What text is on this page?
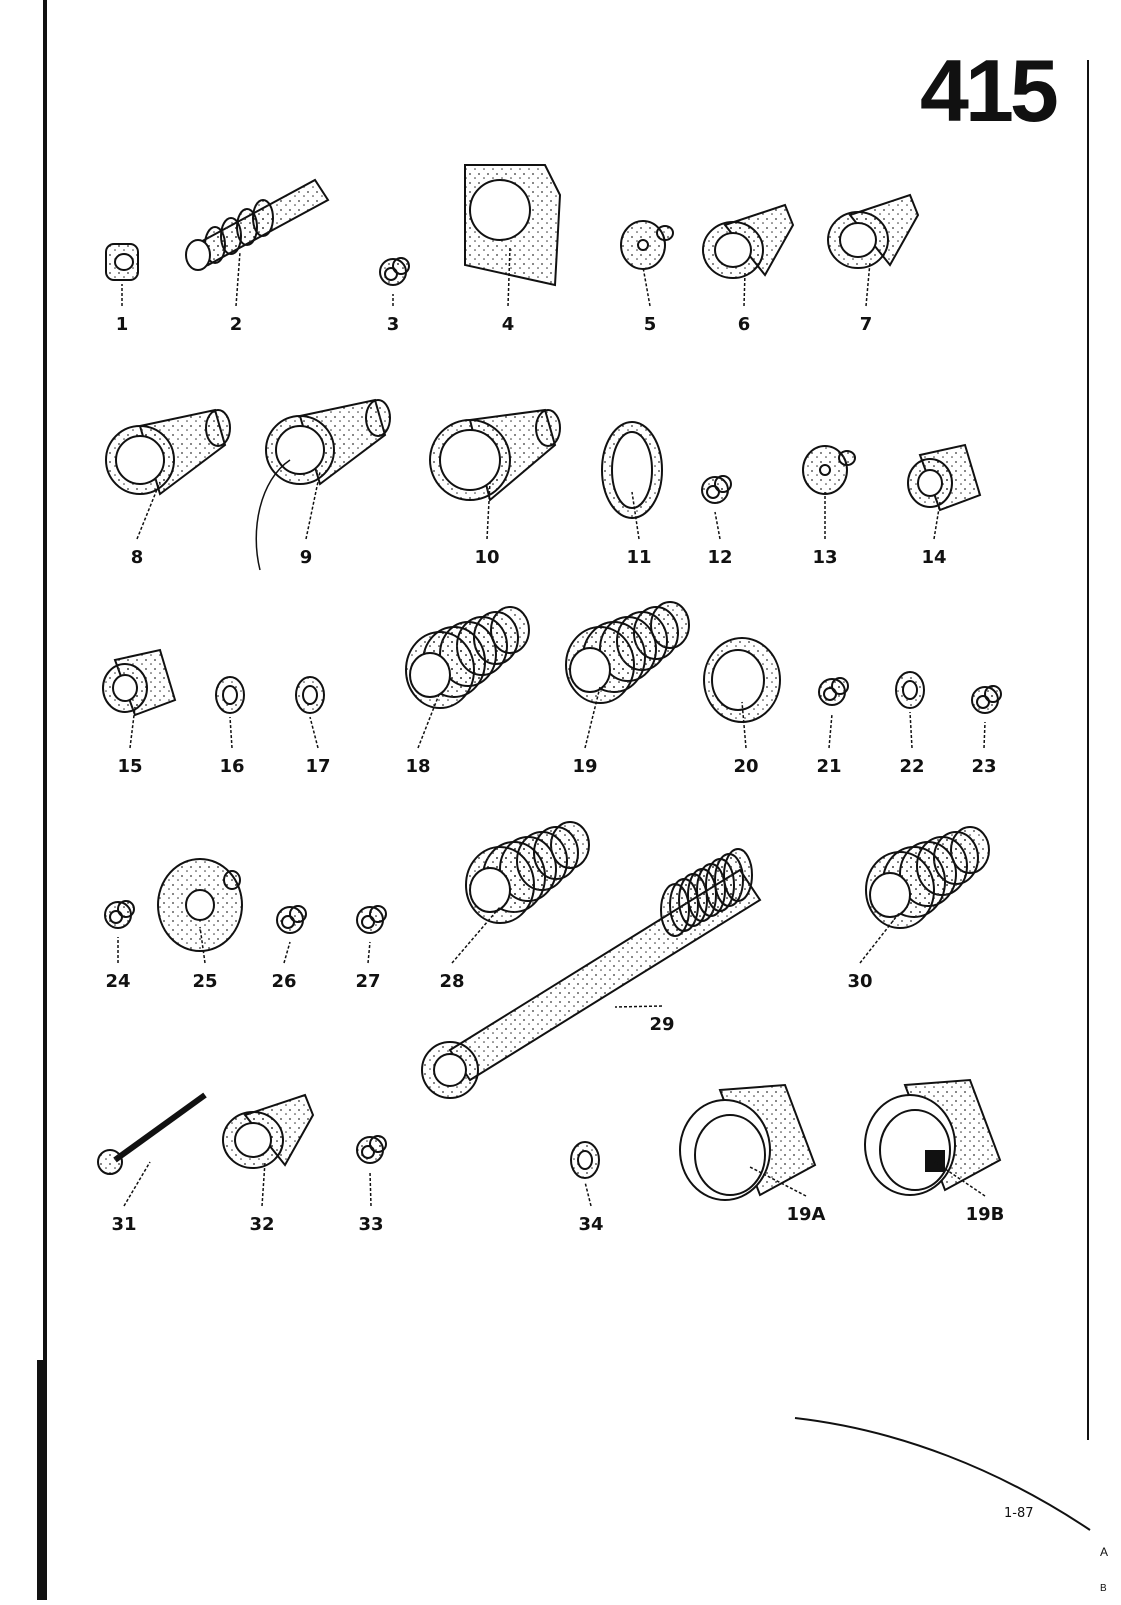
1	2	3	4	5	6	7
8	9	10	11	12	13	14
15	16	17	18	19	20	21	22	23
24	25	26	27	28
29
30
31	32	33	34	19A	19B
415
1-87
A
B
